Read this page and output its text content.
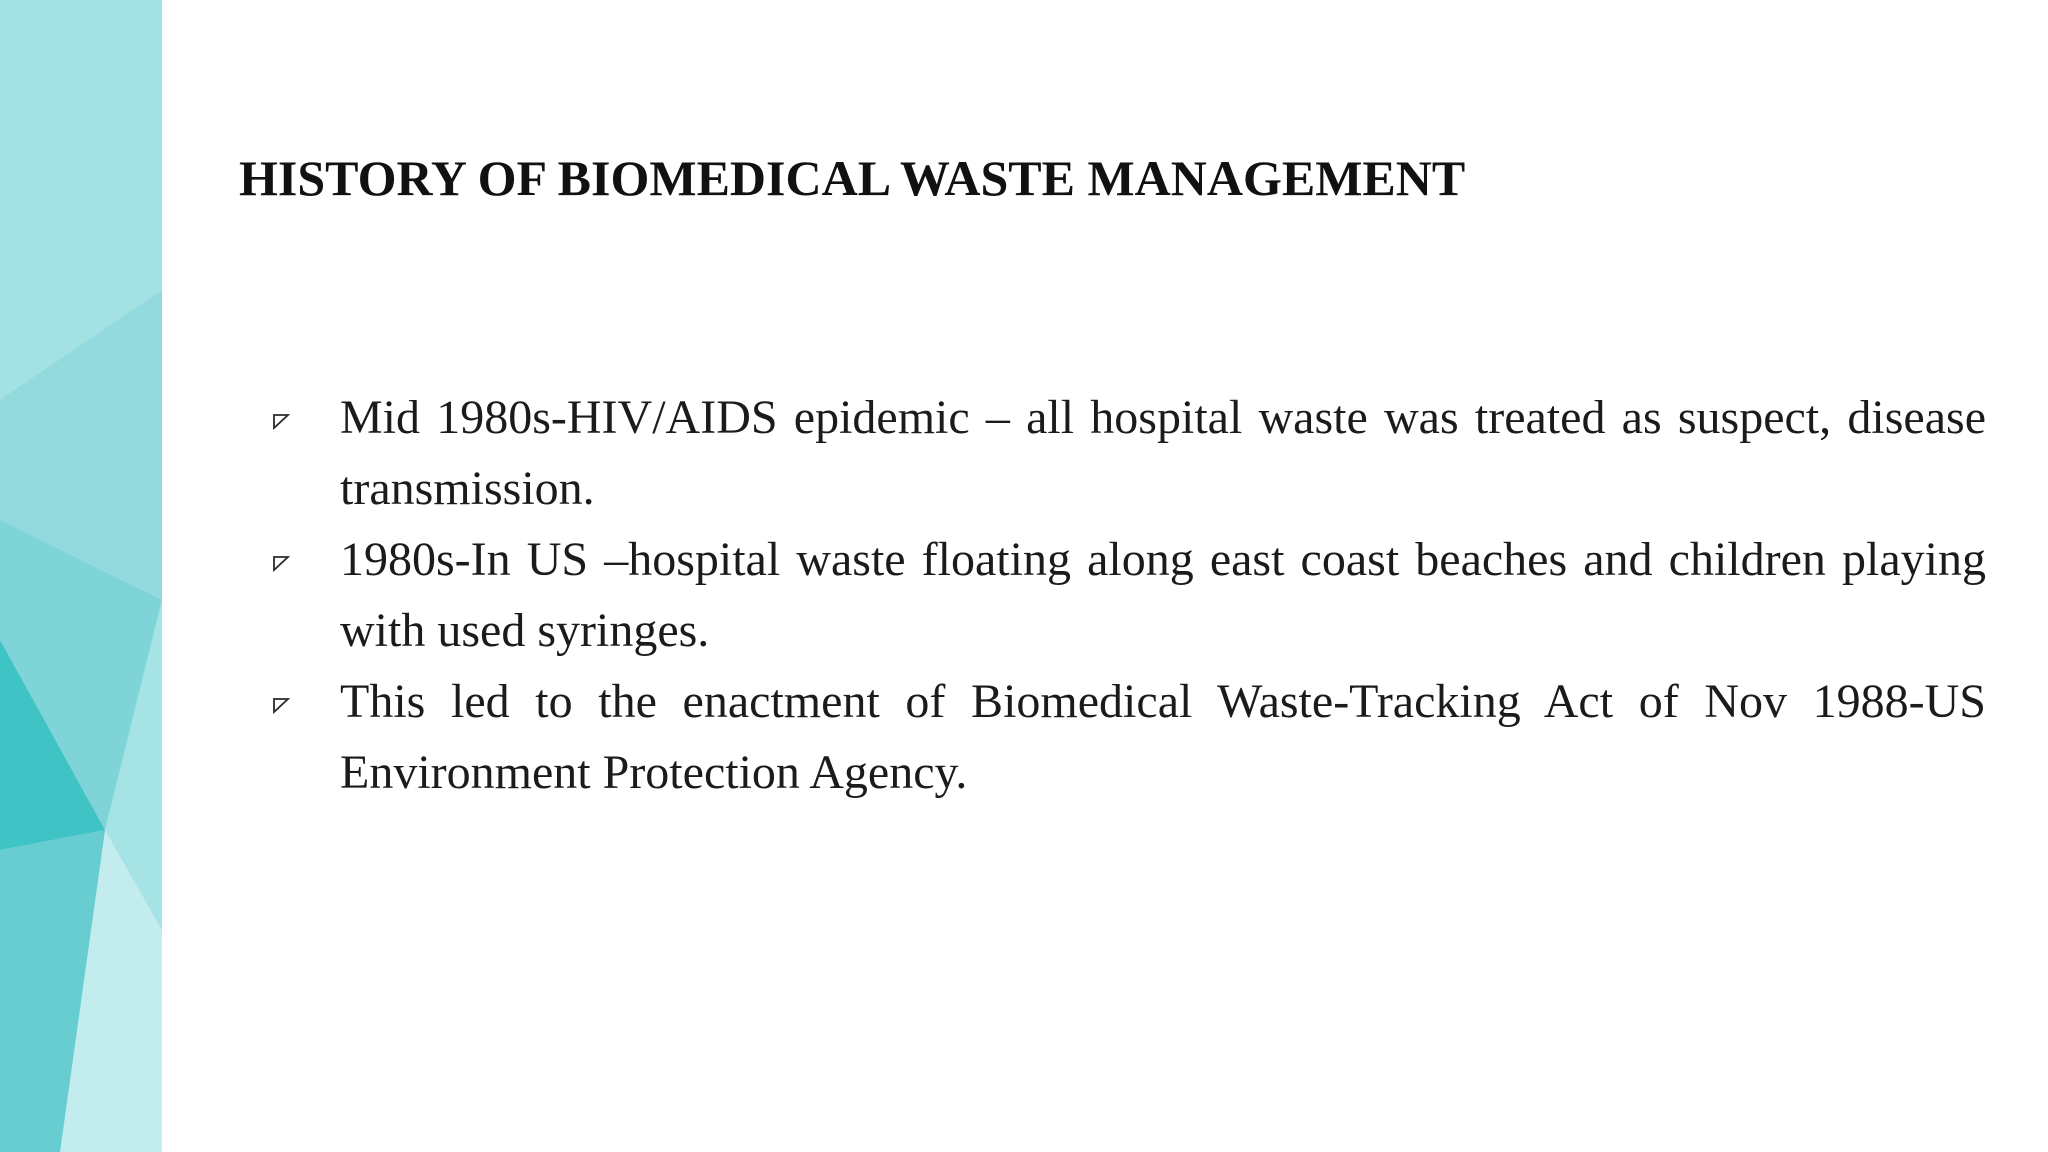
HISTORY OF BIOMEDICAL WASTE MANAGEMENT
Mid 1980s-HIV/AIDS epidemic – all hospital waste was treated as suspect, disease transmission.
1980s-In US –hospital waste floating along east coast beaches and children playing with used syringes.
This led to the enactment of Biomedical Waste-Tracking Act of Nov 1988-US Environment Protection Agency.
